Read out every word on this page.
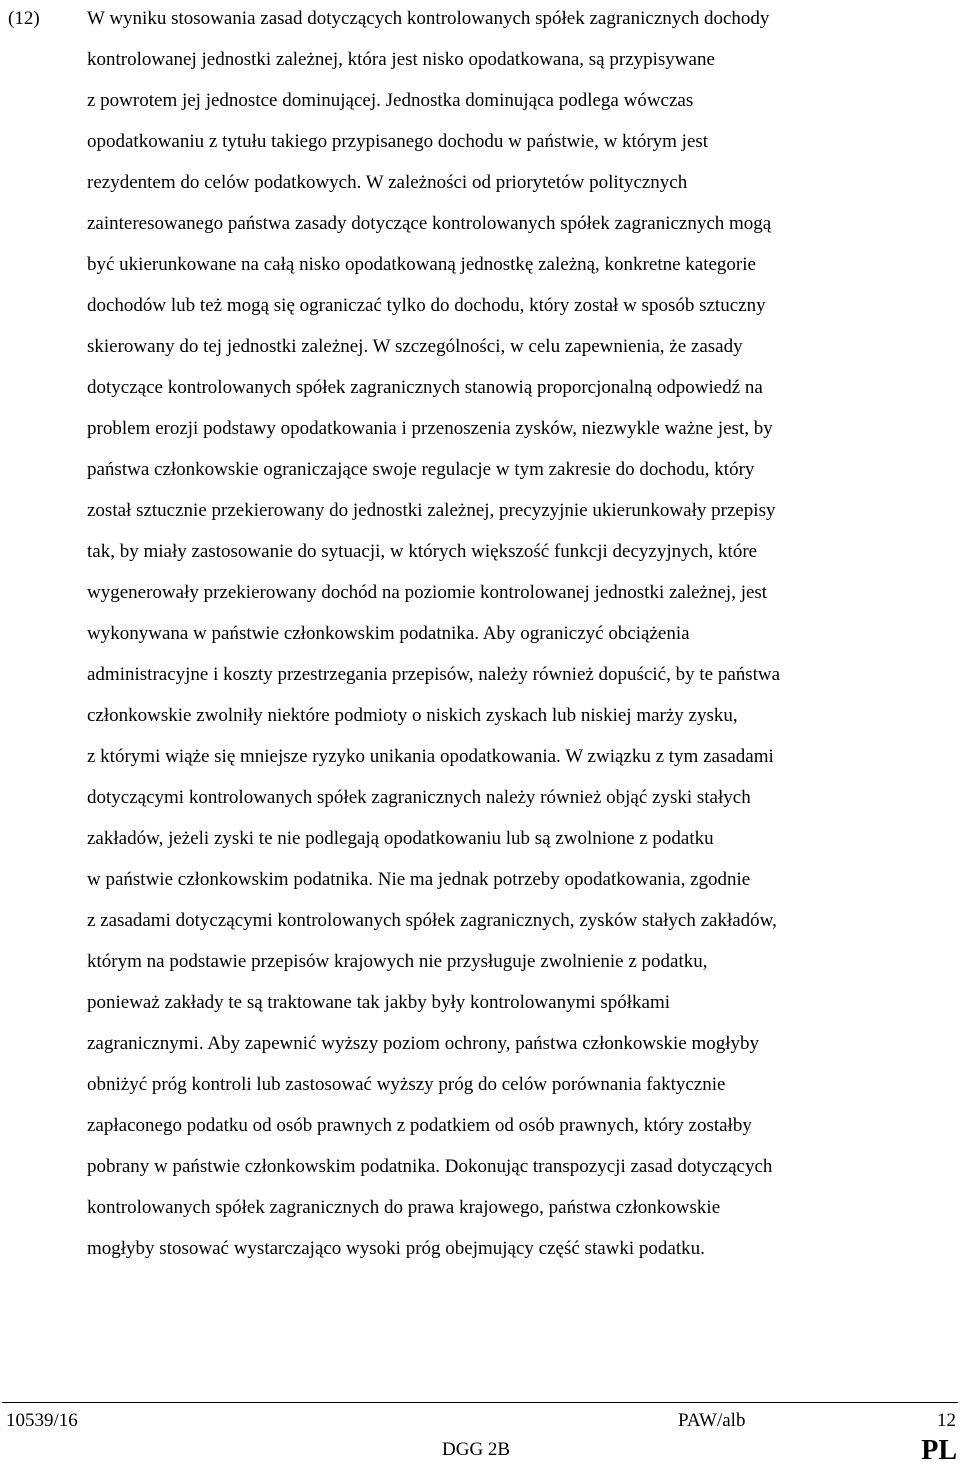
(12) W wyniku stosowania zasad dotyczących kontrolowanych spółek zagranicznych dochody
kontrolowanej jednostki zależnej, która jest nisko opodatkowana, są przypisywane
z powrotem jej jednostce dominującej. Jednostka dominująca podlega wówczas
opodatkowaniu z tytułu takiego przypisanego dochodu w państwie, w którym jest
rezydentem do celów podatkowych. W zależności od priorytetów politycznych
zainteresowanego państwa zasady dotyczące kontrolowanych spółek zagranicznych mogą
być ukierunkowane na całą nisko opodatkowaną jednostkę zależną, konkretne kategorie
dochodów lub też mogą się ograniczać tylko do dochodu, który został w sposób sztuczny
skierowany do tej jednostki zależnej. W szczególności, w celu zapewnienia, że zasady
dotyczące kontrolowanych spółek zagranicznych stanowią proporcjonalną odpowiedź na
problem erozji podstawy opodatkowania i przenoszenia zysków, niezwykle ważne jest, by
państwa członkowskie ograniczające swoje regulacje w tym zakresie do dochodu, który
został sztucznie przekierowany do jednostki zależnej, precyzyjnie ukierunkowały przepisy
tak, by miały zastosowanie do sytuacji, w których większość funkcji decyzyjnych, które
wygenerowały przekierowany dochód na poziomie kontrolowanej jednostki zależnej, jest
wykonywana w państwie członkowskim podatnika. Aby ograniczyć obciążenia
administracyjne i koszty przestrzegania przepisów, należy również dopuścić, by te państwa
członkowskie zwolniły niektóre podmioty o niskich zyskach lub niskiej marży zysku,
z którymi wiąże się mniejsze ryzyko unikania opodatkowania. W związku z tym zasadami
dotyczącymi kontrolowanych spółek zagranicznych należy również objąć zyski stałych
zakładów, jeżeli zyski te nie podlegają opodatkowaniu lub są zwolnione z podatku
w państwie członkowskim podatnika. Nie ma jednak potrzeby opodatkowania, zgodnie
z zasadami dotyczącymi kontrolowanych spółek zagranicznych, zysków stałych zakładów,
którym na podstawie przepisów krajowych nie przysługuje zwolnienie z podatku,
ponieważ zakłady te są traktowane tak jakby były kontrolowanymi spółkami
zagranicznymi. Aby zapewnić wyższy poziom ochrony, państwa członkowskie mogłyby
obniżyć próg kontroli lub zastosować wyższy próg do celów porównania faktycznie
zapłaconego podatku od osób prawnych z podatkiem od osób prawnych, który zostałby
pobrany w państwie członkowskim podatnika. Dokonując transpozycji zasad dotyczących
kontrolowanych spółek zagranicznych do prawa krajowego, państwa członkowskie
mogłyby stosować wystarczająco wysoki próg obejmujący część stawki podatku.
10539/16	PAW/alb	12
DGG 2B	PL
